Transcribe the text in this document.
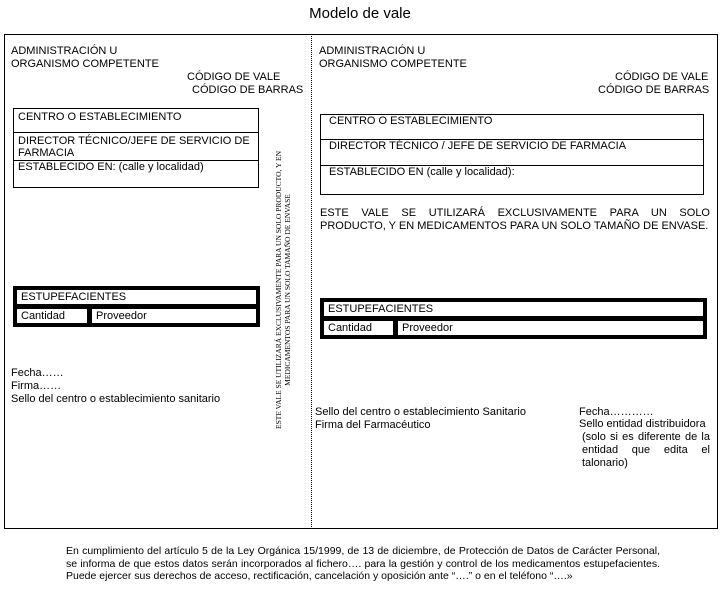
Modelo de vale
ADMINISTRACIÓN U
ORGANISMO COMPETENTE
CÓDIGO DE VALE
CÓDIGO DE BARRAS
CENTRO O ESTABLECIMIENTO
DIRECTOR TÉCNICO/JEFE DE SERVICIO DE FARMACIA
ESTABLECIDO EN: (calle y localidad)
ESTUPEFACIENTES
Cantidad	Proveedor
Fecha……
Firma……
Sello del centro o establecimiento sanitario	ESTE VALE SE UTILIZARÁ EXCLUSIVAMENTE PARA UN SOLO PRODUCTO, Y EN MEDICAMENTOS PARA UN SOLO TAMAÑO DE ENVASE
ADMINISTRACIÓN U
ORGANISMO COMPETENTE
CÓDIGO DE VALE
CÓDIGO DE BARRAS
CENTRO O ESTABLECIMIENTO
DIRECTOR TÉCNICO / JEFE DE SERVICIO DE FARMACIA
ESTABLECIDO EN (calle y localidad):
ESTE VALE SE UTILIZARÁ EXCLUSIVAMENTE PARA UN SOLO PRODUCTO, Y EN MEDICAMENTOS PARA UN SOLO TAMAÑO DE ENVASE.
ESTUPEFACIENTES
Cantidad	Proveedor
Sello del centro o establecimiento Sanitario
Firma del Farmacéutico
Fecha…………
Sello entidad distribuidora
(solo si es diferente de la entidad que edita el talonario)
En cumplimiento del artículo 5 de la Ley Orgánica 15/1999, de 13 de diciembre, de Protección de Datos de Carácter Personal, se informa de que estos datos serán incorporados al fichero…. para la gestión y control de los medicamentos estupefacientes. Puede ejercer sus derechos de acceso, rectificación, cancelación y oposición ante “….” o en el teléfono “….»
